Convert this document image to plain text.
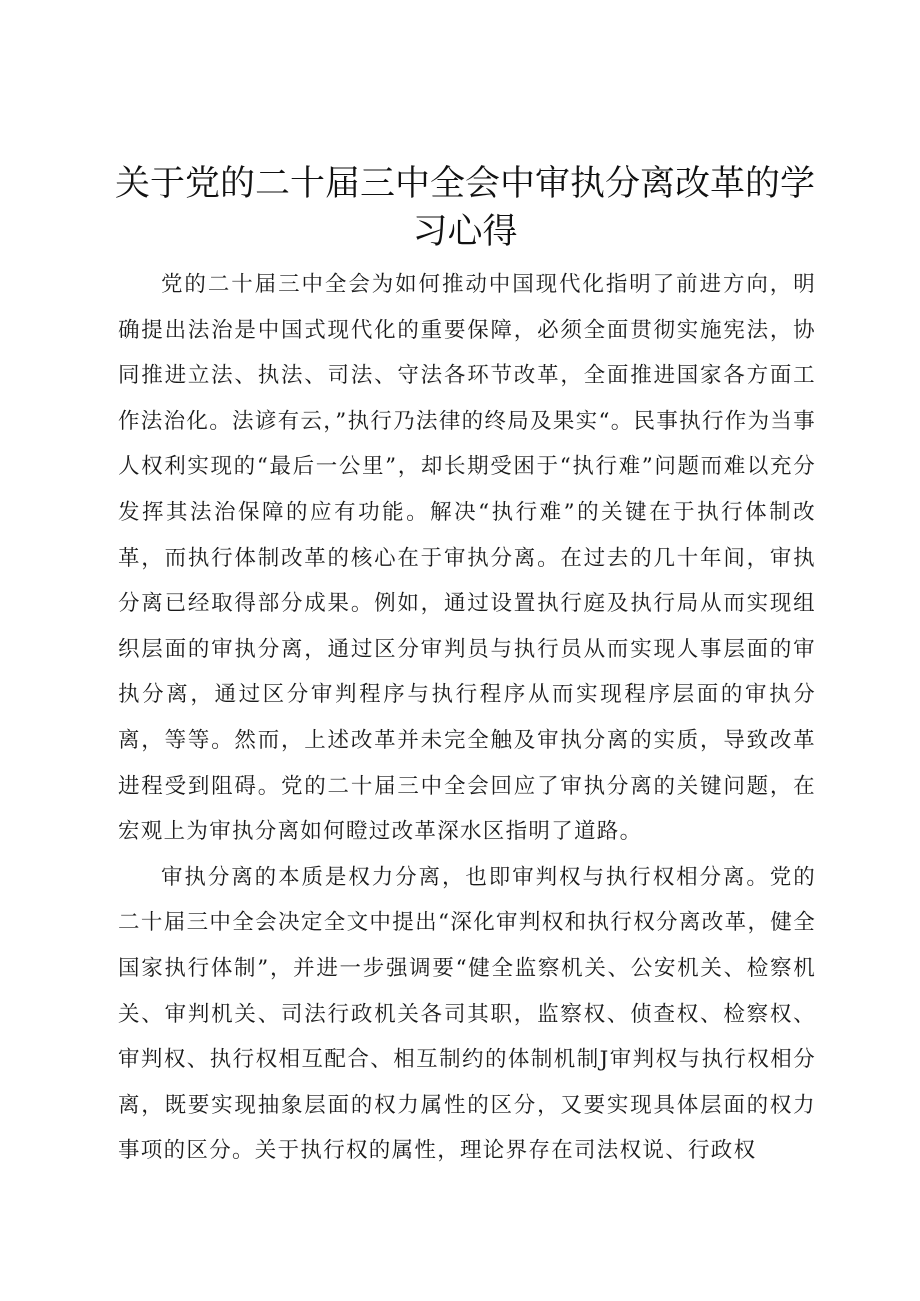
关于党的二十届三中全会中审执分离改革的学习心得

党的二十届三中全会为如何推动中国现代化指明了前进方向，明确提出法治是中国式现代化的重要保障，必须全面贯彻实施宪法，协同推进立法、执法、司法、守法各环节改革，全面推进国家各方面工作法治化。法谚有云，”执行乃法律的终局及果实“。民事执行作为当事人权利实现的“最后一公里”，却长期受困于“执行难”问题而难以充分发挥其法治保障的应有功能。解决“执行难”的关键在于执行体制改革，而执行体制改革的核心在于审执分离。在过去的几十年间，审执分离已经取得部分成果。例如，通过设置执行庭及执行局从而实现组织层面的审执分离，通过区分审判员与执行员从而实现人事层面的审执分离，通过区分审判程序与执行程序从而实现程序层面的审执分离，等等。然而，上述改革并未完全触及审执分离的实质，导致改革进程受到阻碍。党的二十届三中全会回应了审执分离的关键问题，在宏观上为审执分离如何瞪过改革深水区指明了道路。

审执分离的本质是权力分离，也即审判权与执行权相分离。党的二十届三中全会决定全文中提出“深化审判权和执行权分离改革，健全国家执行体制”，并进一步强调要“健全监察机关、公安机关、检察机关、审判机关、司法行政机关各司其职，监察权、侦查权、检察权、审判权、执行权相互配合、相互制约的体制机制J审判权与执行权相分离，既要实现抽象层面的权力属性的区分，又要实现具体层面的权力事项的区分。关于执行权的属性，理论界存在司法权说、行政权
